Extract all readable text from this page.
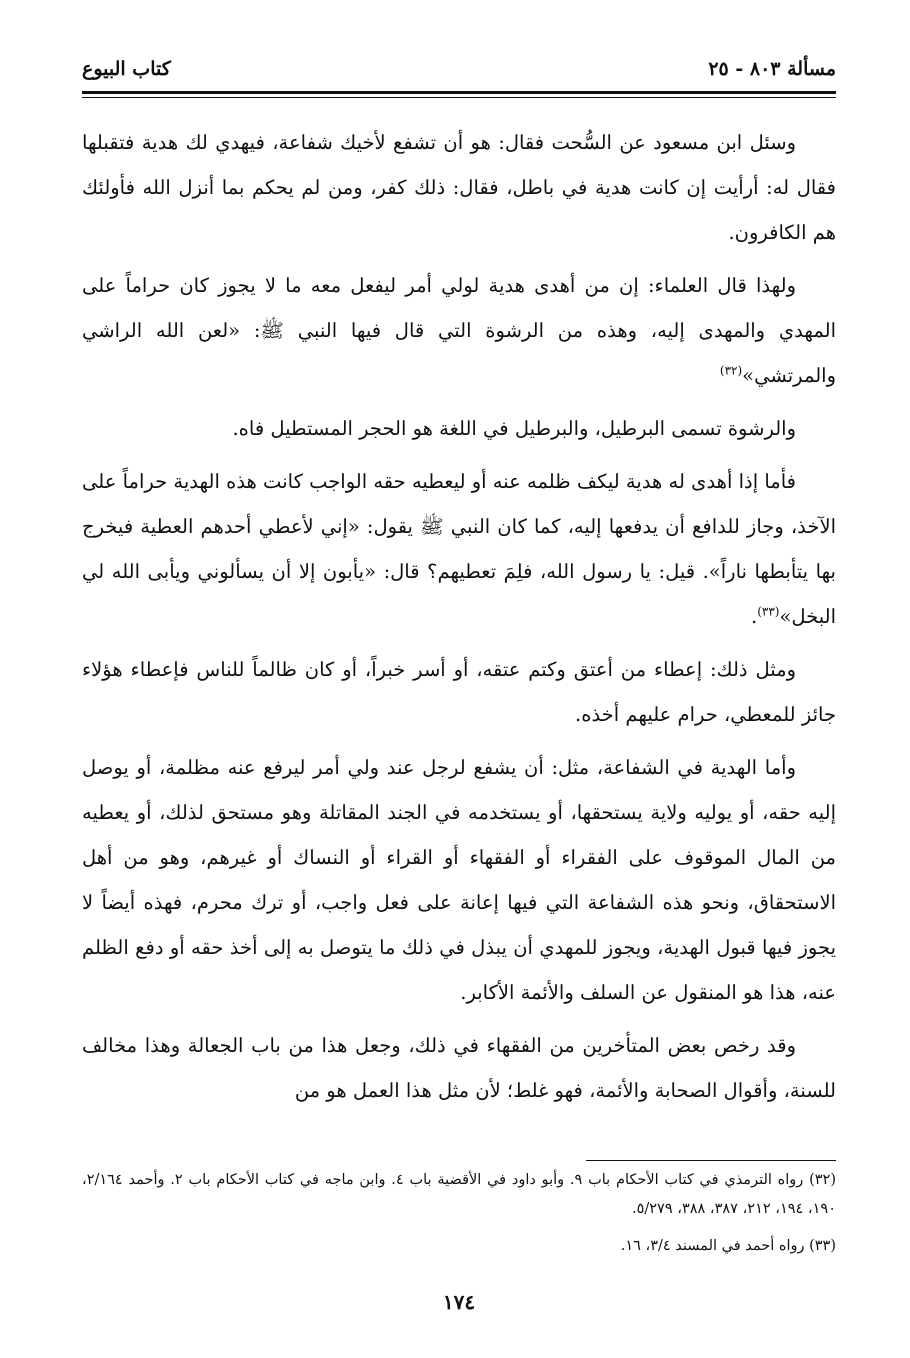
مسألة ٨٠٣ - ٢٥
كتاب البيوع

وسئل ابن مسعود عن السُّحت فقال: هو أن تشفع لأخيك شفاعة، فيهدي لك هدية فتقبلها فقال له: أرأيت إن كانت هدية في باطل، فقال: ذلك كفر، ومن لم يحكم بما أنزل الله فأولئك هم الكافرون.

ولهذا قال العلماء: إن من أهدى هدية لولي أمر ليفعل معه ما لا يجوز كان حراماً على المهدي والمهدى إليه، وهذه من الرشوة التي قال فيها النبي ﷺ: «لعن الله الراشي والمرتشي»$^{(٣٢)}$

والرشوة تسمى البرطيل، والبرطيل في اللغة هو الحجر المستطيل فاه.

فأما إذا أهدى له هدية ليكف ظلمه عنه أو ليعطيه حقه الواجب كانت هذه الهدية حراماً على الآخذ، وجاز للدافع أن يدفعها إليه، كما كان النبي ﷺ يقول: «إني لأعطي أحدهم العطية فيخرج بها يتأبطها ناراً». قيل: يا رسول الله، فلِمَ تعطيهم؟ قال: «يأبون إلا أن يسألوني ويأبى الله لي البخل»$^{(٣٣)}$.

ومثل ذلك: إعطاء من أعتق وكتم عتقه، أو أسر خبراً، أو كان ظالماً للناس فإعطاء هؤلاء جائز للمعطي، حرام عليهم أخذه.

وأما الهدية في الشفاعة، مثل: أن يشفع لرجل عند ولي أمر ليرفع عنه مظلمة، أو يوصل إليه حقه، أو يوليه ولاية يستحقها، أو يستخدمه في الجند المقاتلة وهو مستحق لذلك، أو يعطيه من المال الموقوف على الفقراء أو الفقهاء أو القراء أو النساك أو غيرهم، وهو من أهل الاستحقاق، ونحو هذه الشفاعة التي فيها إعانة على فعل واجب، أو ترك محرم، فهذه أيضاً لا يجوز فيها قبول الهدية، ويجوز للمهدي أن يبذل في ذلك ما يتوصل به إلى أخذ حقه أو دفع الظلم عنه، هذا هو المنقول عن السلف والأئمة الأكابر.

وقد رخص بعض المتأخرين من الفقهاء في ذلك، وجعل هذا من باب الجعالة وهذا مخالف للسنة، وأقوال الصحابة والأئمة، فهو غلط؛ لأن مثل هذا العمل هو من

(٣٢) رواه الترمذي في كتاب الأحكام باب ٩. وأبو داود في الأقضية باب ٤. وابن ماجه في كتاب الأحكام باب ٢. وأحمد ٢/١٦٤، ١٩٠، ١٩٤، ٢١٢، ٣٨٧، ٣٨٨، ٥/٢٧٩.

(٣٣) رواه أحمد في المسند ٣/٤، ١٦.

١٧٤
